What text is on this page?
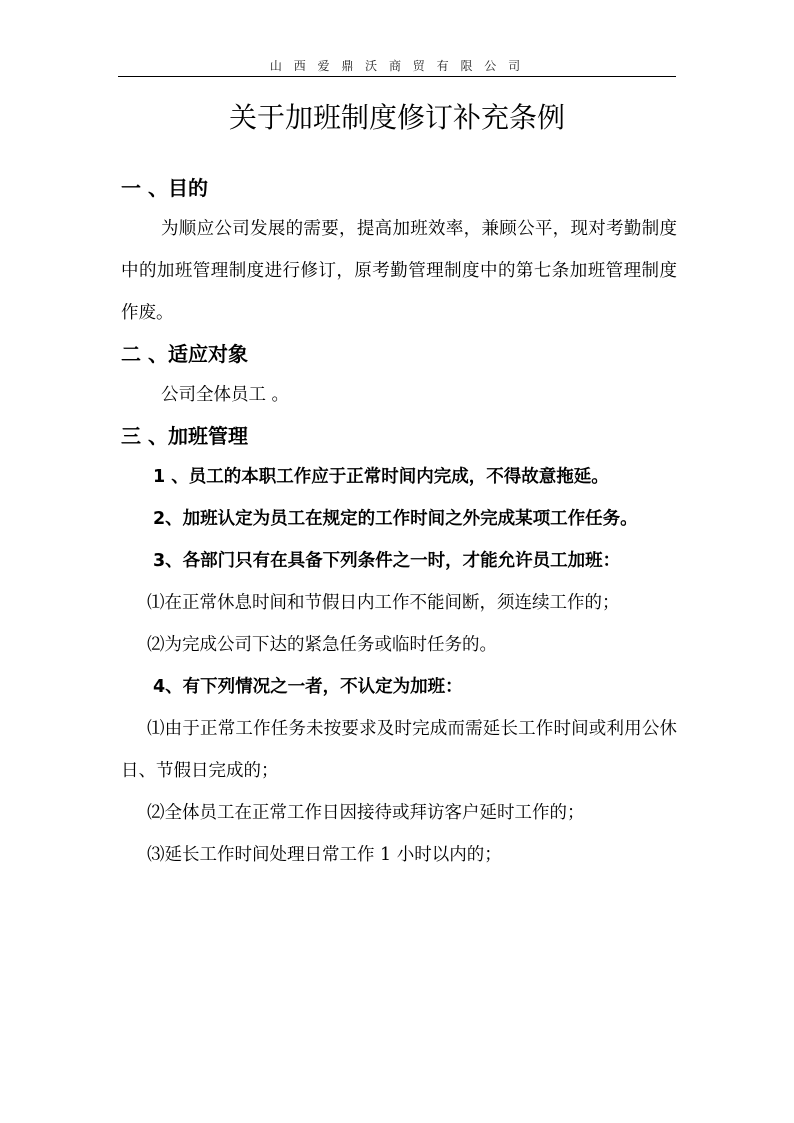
山 西 爱 鼎 沃 商 贸 有 限 公 司
关于加班制度修订补充条例
一 、目的

为顺应公司发展的需要，提高加班效率，兼顾公平，现对考勤制度中的加班管理制度进行修订，原考勤管理制度中的第七条加班管理制度作废。

二 、适应对象

公司全体员工 。

三 、加班管理

1 、员工的本职工作应于正常时间内完成，不得故意拖延。

2、加班认定为员工在规定的工作时间之外完成某项工作任务。

3、各部门只有在具备下列条件之一时，才能允许员工加班：

⑴在正常休息时间和节假日内工作不能间断，须连续工作的；

⑵为完成公司下达的紧急任务或临时任务的。

4、有下列情况之一者，不认定为加班：

⑴由于正常工作任务未按要求及时完成而需延长工作时间或利用公休日、节假日完成的；

⑵全体员工在正常工作日因接待或拜访客户延时工作的；

⑶延长工作时间处理日常工作 1 小时以内的；
